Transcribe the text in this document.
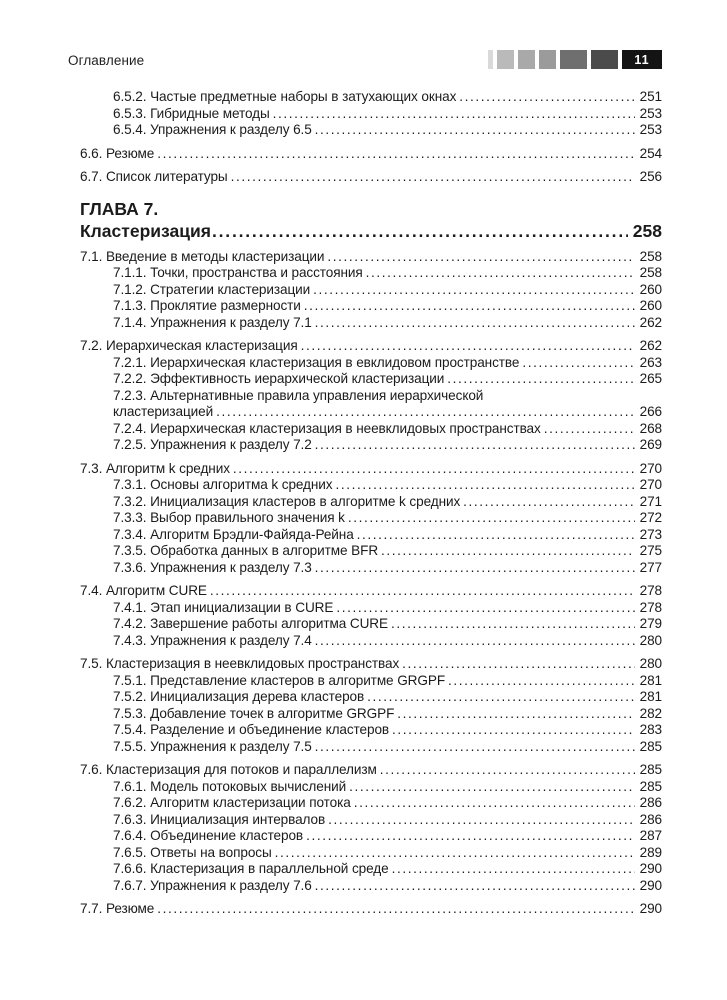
Оглавление	11
6.5.2. Частые предметные наборы в затухающих окнах .....	251
6.5.3. Гибридные методы .....	253
6.5.4. Упражнения к разделу 6.5 .....	253
6.6. Резюме .....	254
6.7. Список литературы .....	256
ГЛАВА 7.
Кластеризация .....	258
7.1. Введение в методы кластеризации .....	258
7.1.1. Точки, пространства и расстояния .....	258
7.1.2. Стратегии кластеризации .....	260
7.1.3. Проклятие размерности .....	260
7.1.4. Упражнения к разделу 7.1 .....	262
7.2. Иерархическая кластеризация .....	262
7.2.1. Иерархическая кластеризация в евклидовом пространстве .....	263
7.2.2. Эффективность иерархической кластеризации .....	265
7.2.3. Альтернативные правила управления иерархической
кластеризацией .....	266
7.2.4. Иерархическая кластеризация в неевклидовых пространствах .....	268
7.2.5. Упражнения к разделу 7.2 .....	269
7.3. Алгоритм k средних .....	270
7.3.1. Основы алгоритма k средних .....	270
7.3.2. Инициализация кластеров в алгоритме k средних .....	271
7.3.3. Выбор правильного значения k .....	272
7.3.4. Алгоритм Брэдли-Файяда-Рейна .....	273
7.3.5. Обработка данных в алгоритме BFR .....	275
7.3.6. Упражнения к разделу 7.3 .....	277
7.4. Алгоритм CURE .....	278
7.4.1. Этап инициализации в CURE .....	278
7.4.2. Завершение работы алгоритма CURE .....	279
7.4.3. Упражнения к разделу 7.4 .....	280
7.5. Кластеризация в неевклидовых пространствах .....	280
7.5.1. Представление кластеров в алгоритме GRGPF .....	281
7.5.2. Инициализация дерева кластеров .....	281
7.5.3. Добавление точек в алгоритме GRGPF .....	282
7.5.4. Разделение и объединение кластеров .....	283
7.5.5. Упражнения к разделу 7.5 .....	285
7.6. Кластеризация для потоков и параллелизм .....	285
7.6.1. Модель потоковых вычислений .....	285
7.6.2. Алгоритм кластеризации потока .....	286
7.6.3. Инициализация интервалов .....	286
7.6.4. Объединение кластеров .....	287
7.6.5. Ответы на вопросы .....	289
7.6.6. Кластеризация в параллельной среде .....	290
7.6.7. Упражнения к разделу 7.6 .....	290
7.7. Резюме .....	290
